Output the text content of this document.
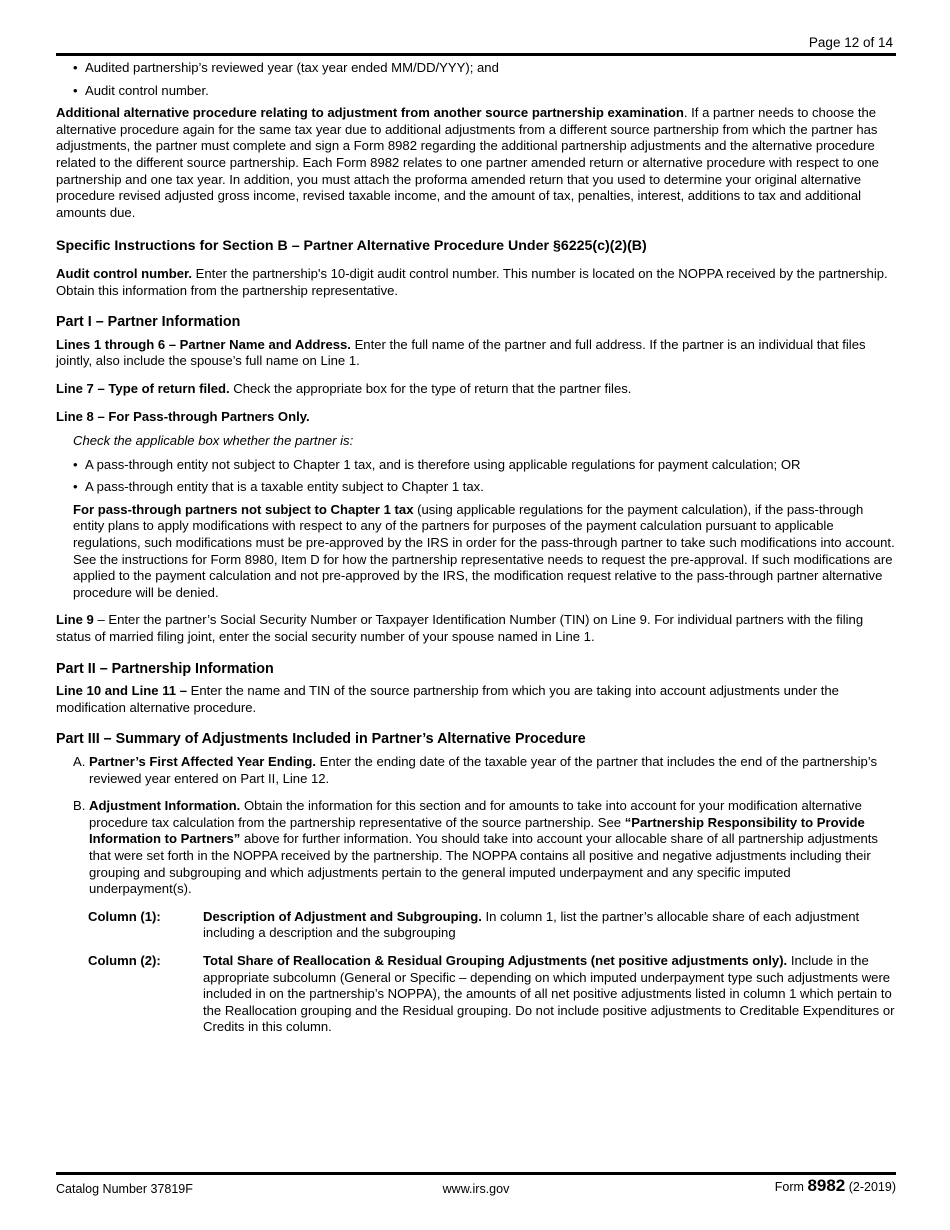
Page 12 of 14
• Audited partnership’s reviewed year (tax year ended MM/DD/YYY); and
• Audit control number.

Additional alternative procedure relating to adjustment from another source partnership examination. If a partner needs to choose the alternative procedure again for the same tax year due to additional adjustments from a different source partnership from which the partner has adjustments, the partner must complete and sign a Form 8982 regarding the additional partnership adjustments and the alternative procedure related to the different source partnership. Each Form 8982 relates to one partner amended return or alternative procedure with respect to one partnership and one tax year. In addition, you must attach the proforma amended return that you used to determine your original alternative procedure revised adjusted gross income, revised taxable income, and the amount of tax, penalties, interest, additions to tax and additional amounts due.

Specific Instructions for Section B – Partner Alternative Procedure Under §6225(c)(2)(B)

Audit control number. Enter the partnership's 10-digit audit control number. This number is located on the NOPPA received by the partnership. Obtain this information from the partnership representative.

Part I – Partner Information

Lines 1 through 6 – Partner Name and Address. Enter the full name of the partner and full address. If the partner is an individual that files jointly, also include the spouse’s full name on Line 1.

Line 7 – Type of return filed. Check the appropriate box for the type of return that the partner files.

Line 8 – For Pass-through Partners Only.

Check the applicable box whether the partner is:

• A pass-through entity not subject to Chapter 1 tax, and is therefore using applicable regulations for payment calculation; OR
• A pass-through entity that is a taxable entity subject to Chapter 1 tax.

For pass-through partners not subject to Chapter 1 tax (using applicable regulations for the payment calculation), if the pass-through entity plans to apply modifications with respect to any of the partners for purposes of the payment calculation pursuant to applicable regulations, such modifications must be pre-approved by the IRS in order for the pass-through partner to take such modifications into account. See the instructions for Form 8980, Item D for how the partnership representative needs to request the pre-approval. If such modifications are applied to the payment calculation and not pre-approved by the IRS, the modification request relative to the pass-through partner alternative procedure will be denied.

Line 9 – Enter the partner’s Social Security Number or Taxpayer Identification Number (TIN) on Line 9. For individual partners with the filing status of married filing joint, enter the social security number of your spouse named in Line 1.

Part II – Partnership Information

Line 10 and Line 11 – Enter the name and TIN of the source partnership from which you are taking into account adjustments under the modification alternative procedure.

Part III – Summary of Adjustments Included in Partner’s Alternative Procedure
A. Partner’s First Affected Year Ending. Enter the ending date of the taxable year of the partner that includes the end of the partnership’s reviewed year entered on Part II, Line 12.
B. Adjustment Information. Obtain the information for this section and for amounts to take into account for your modification alternative procedure tax calculation from the partnership representative of the source partnership. See “Partnership Responsibility to Provide Information to Partners” above for further information. You should take into account your allocable share of all partnership adjustments that were set forth in the NOPPA received by the partnership. The NOPPA contains all positive and negative adjustments including their grouping and subgrouping and which adjustments pertain to the general imputed underpayment and any specific imputed underpayment(s).
Column (1):	Description of Adjustment and Subgrouping. In column 1, list the partner’s allocable share of each adjustment including a description and the subgrouping
Column (2):	Total Share of Reallocation & Residual Grouping Adjustments (net positive adjustments only). Include in the appropriate subcolumn (General or Specific – depending on which imputed underpayment type such adjustments were included in on the partnership’s NOPPA), the amounts of all net positive adjustments listed in column 1 which pertain to the Reallocation grouping and the Residual grouping. Do not include positive adjustments to Creditable Expenditures or Credits in this column.
Catalog Number 37819F	www.irs.gov	Form 8982 (2-2019)
